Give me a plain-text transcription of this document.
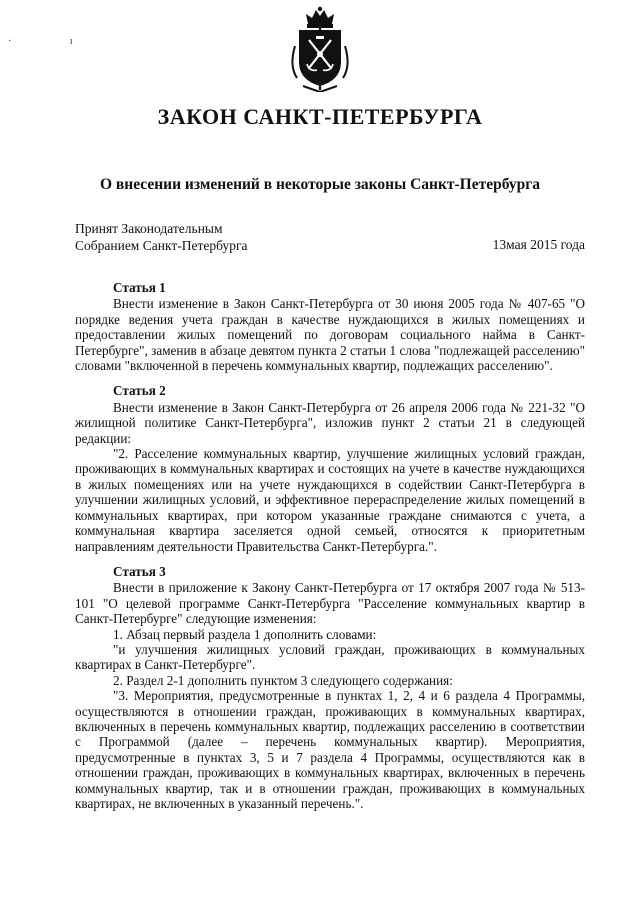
· ı
ЗАКОН САНКТ-ПЕТЕРБУРГА
О внесении изменений в некоторые законы Санкт-Петербурга
Принят Законодательным
Собранием Санкт-Петербурга	13мая 2015 года
Статья 1

Внести изменение в Закон Санкт-Петербурга от 30 июня 2005 года № 407-65 "О порядке ведения учета граждан в качестве нуждающихся в жилых помещениях и предоставлении жилых помещений по договорам социального найма в Санкт-Петербурге", заменив в абзаце девятом пункта 2 статьи 1 слова "подлежащей расселению" словами "включенной в перечень коммунальных квартир, подлежащих расселению".

Статья 2

Внести изменение в Закон Санкт-Петербурга от 26 апреля 2006 года № 221-32 "О жилищной политике Санкт-Петербурга", изложив пункт 2 статьи 21 в следующей редакции:

"2. Расселение коммунальных квартир, улучшение жилищных условий граждан, проживающих в коммунальных квартирах и состоящих на учете в качестве нуждающихся в жилых помещениях или на учете нуждающихся в содействии Санкт-Петербурга в улучшении жилищных условий, и эффективное перераспределение жилых помещений в коммунальных квартирах, при котором указанные граждане снимаются с учета, а коммунальная квартира заселяется одной семьей, относятся к приоритетным направлениям деятельности Правительства Санкт-Петербурга.".

Статья 3

Внести в приложение к Закону Санкт-Петербурга от 17 октября 2007 года № 513-101 "О целевой программе Санкт-Петербурга "Расселение коммунальных квартир в Санкт-Петербурге" следующие изменения:

1. Абзац первый раздела 1 дополнить словами:

"и улучшения жилищных условий граждан, проживающих в коммунальных квартирах в Санкт-Петербурге".

2. Раздел 2-1 дополнить пунктом 3 следующего содержания:

"3. Мероприятия, предусмотренные в пунктах 1, 2, 4 и 6 раздела 4 Программы, осуществляются в отношении граждан, проживающих в коммунальных квартирах, включенных в перечень коммунальных квартир, подлежащих расселению в соответствии с Программой (далее – перечень коммунальных квартир). Мероприятия, предусмотренные в пунктах 3, 5 и 7 раздела 4 Программы, осуществляются как в отношении граждан, проживающих в коммунальных квартирах, включенных в перечень коммунальных квартир, так и в отношении граждан, проживающих в коммунальных квартирах, не включенных в указанный перечень.".
